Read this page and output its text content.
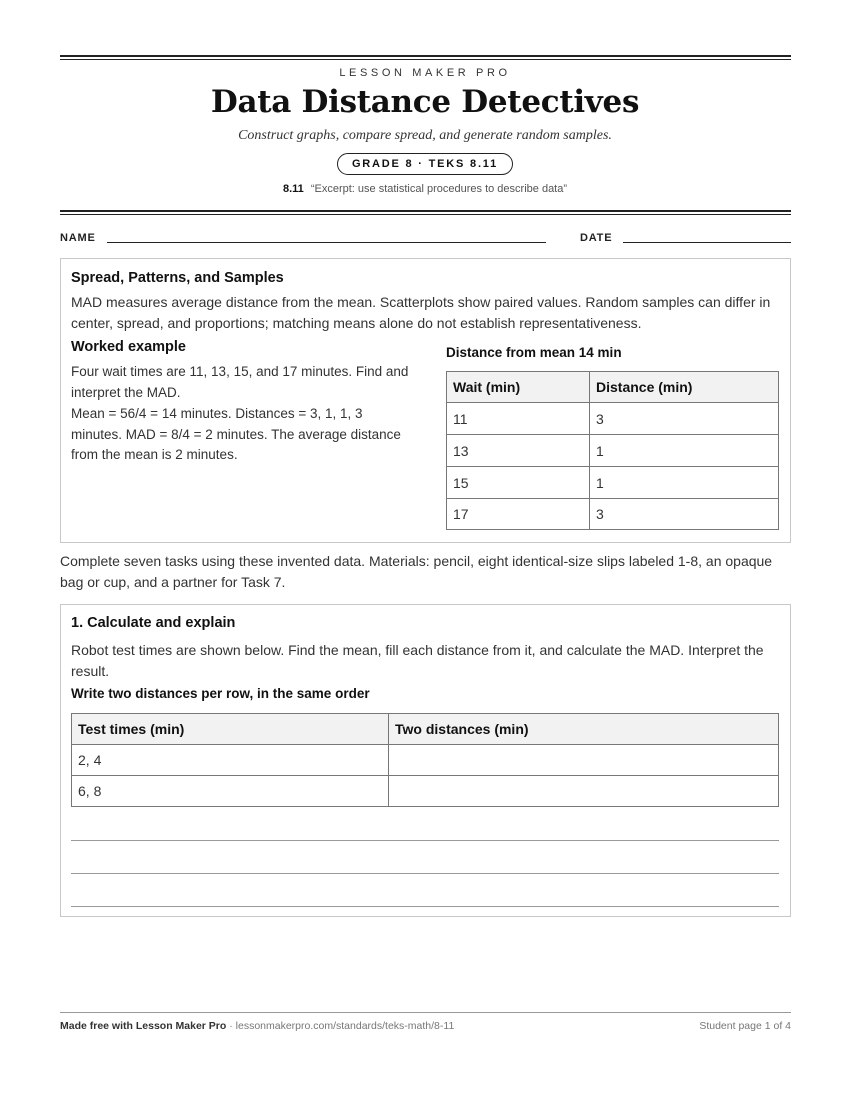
LESSON MAKER PRO
Data Distance Detectives
Construct graphs, compare spread, and generate random samples.
GRADE 8 · TEKS 8.11
8.11 “Excerpt: use statistical procedures to describe data”
NAME	DATE
Spread, Patterns, and Samples
MAD measures average distance from the mean. Scatterplots show paired values. Random samples can differ in center, spread, and proportions; matching means alone do not establish representativeness.
Worked example
Four wait times are 11, 13, 15, and 17 minutes. Find and interpret the MAD.
Mean = 56/4 = 14 minutes. Distances = 3, 1, 1, 3 minutes. MAD = 8/4 = 2 minutes. The average distance from the mean is 2 minutes.
Distance from mean 14 min
Wait (min)	Distance (min)
11	3
13	1
15	1
17	3
Complete seven tasks using these invented data. Materials: pencil, eight identical-size slips labeled 1-8, an opaque bag or cup, and a partner for Task 7.
1. Calculate and explain
Robot test times are shown below. Find the mean, fill each distance from it, and calculate the MAD. Interpret the result.
Write two distances per row, in the same order
Test times (min)	Two distances (min)
2, 4	
6, 8	
Made free with Lesson Maker Pro · lessonmakerpro.com/standards/teks-math/8-11	Student page 1 of 4
